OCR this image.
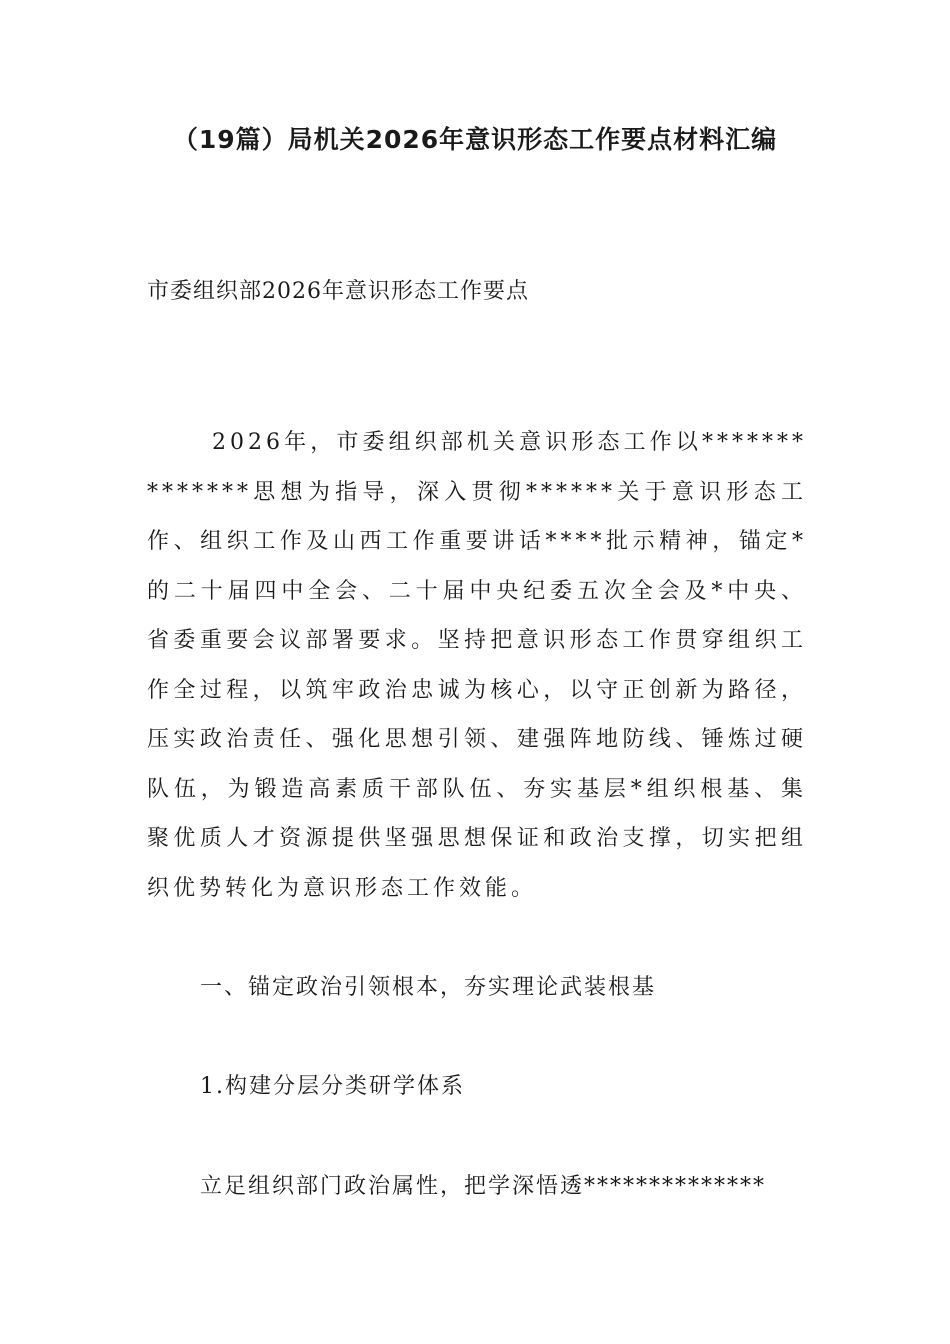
（19篇）局机关2026年意识形态工作要点材料汇编
市委组织部2026年意识形态工作要点

2026年，市委组织部机关意识形态工作以**************思想为指导，深入贯彻******关于意识形态工作、组织工作及山西工作重要讲话****批示精神，锚定*的二十届四中全会、二十届中央纪委五次全会及*中央、省委重要会议部署要求。坚持把意识形态工作贯穿组织工作全过程，以筑牢政治忠诚为核心，以守正创新为路径，压实政治责任、强化思想引领、建强阵地防线、锤炼过硬队伍，为锻造高素质干部队伍、夯实基层*组织根基、集聚优质人才资源提供坚强思想保证和政治支撑，切实把组织优势转化为意识形态工作效能。

一、锚定政治引领根本，夯实理论武装根基
1.构建分层分类研学体系
立足组织部门政治属性，把学深悟透**************
